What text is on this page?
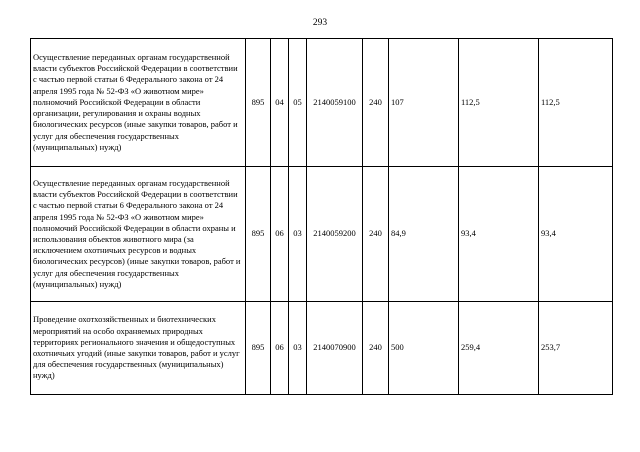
293
Осуществление переданных органам государственной власти субъектов Российской Федерации в соответствии с частью первой статьи 6 Федерального закона от 24 апреля 1995 года № 52-ФЗ «О животном мире» полномочий Российской Федерации в области организации, регулирования и охраны водных биологических ресурсов (иные закупки товаров, работ и услуг для обеспечения государственных (муниципальных) нужд)	895	04	05	2140059100	240	107	112,5	112,5
Осуществление переданных органам государственной власти субъектов Российской Федерации в соответствии с частью первой статьи 6 Федерального закона от 24 апреля 1995 года № 52-ФЗ «О животном мире» полномочий Российской Федерации в области охраны и использования объектов животного мира (за исключением охотничьих ресурсов и водных биологических ресурсов) (иные закупки товаров, работ и услуг для обеспечения государственных (муниципальных) нужд)	895	06	03	2140059200	240	84,9	93,4	93,4
Проведение охотхозяйственных и биотехнических мероприятий на особо охраняемых природных территориях регионального значения и общедоступных охотничьих угодий (иные закупки товаров, работ и услуг для обеспечения государственных (муниципальных) нужд)	895	06	03	2140070900	240	500	259,4	253,7
